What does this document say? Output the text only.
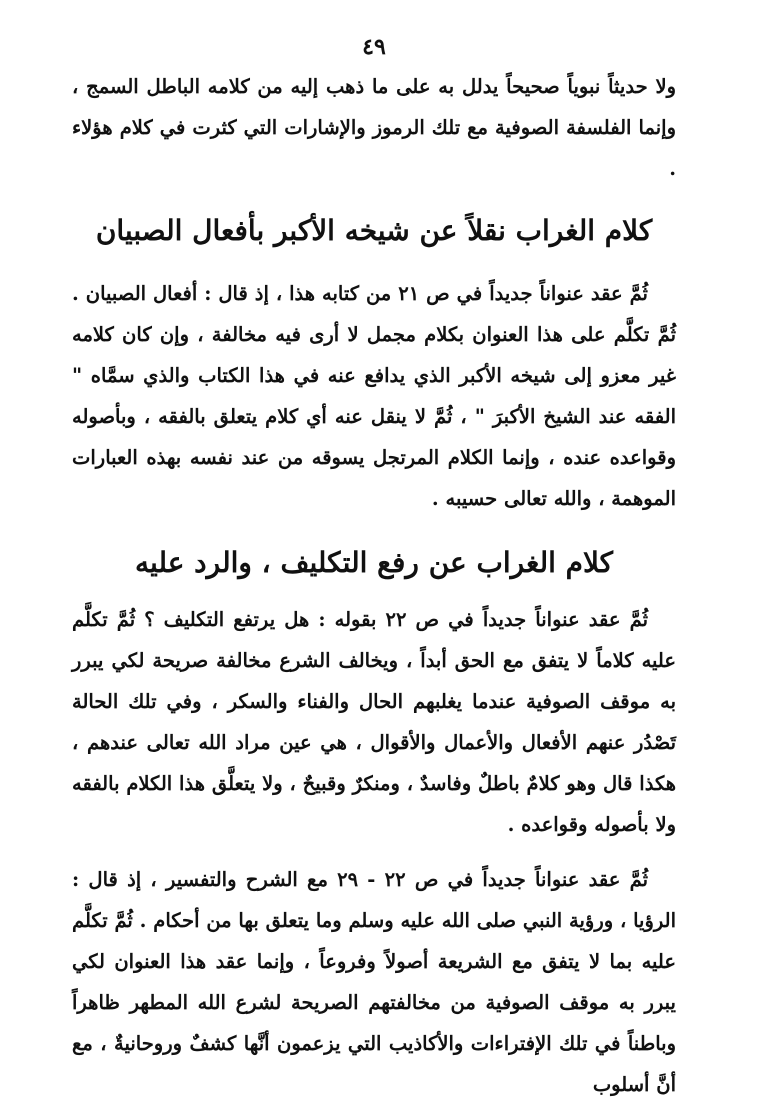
٤٩

ولا حديثاً نبوياً صحيحاً يدلل به على ما ذهب إليه من كلامه الباطل السمج ، وإنما الفلسفة الصوفية مع تلك الرموز والإشارات التي كثرت في كلام هؤلاء .

كلام الغراب نقلاً عن شيخه الأكبر بأفعال الصبيان

ثُمَّ عقد عنواناً جديداً في ص ٢١ من كتابه هذا ، إذ قال : أفعال الصبيان . ثُمَّ تكلَّم على هذا العنوان بكلام مجمل لا أرى فيه مخالفة ، وإن كان كلامه غير معزو إلى شيخه الأكبر الذي يدافع عنه في هذا الكتاب والذي سمَّاه " الفقه عند الشيخ الأكبرَ " ، ثُمَّ لا ينقل عنه أي كلام يتعلق بالفقه ، وبأصوله وقواعده عنده ، وإنما الكلام المرتجل يسوقه من عند نفسه بهذه العبارات الموهمة ، والله تعالى حسيبه .

كلام الغراب عن رفع التكليف ، والرد عليه

ثُمَّ عقد عنواناً جديداً في ص ٢٢ بقوله : هل يرتفع التكليف ؟ ثُمَّ تكلَّم عليه كلاماً لا يتفق مع الحق أبداً ، ويخالف الشرع مخالفة صريحة لكي يبرر به موقف الصوفية عندما يغلبهم الحال والفناء والسكر ، وفي تلك الحالة تَصْدُر عنهم الأفعال والأعمال والأقوال ، هي عين مراد الله تعالى عندهم ، هكذا قال وهو كلامٌ باطلٌ وفاسدٌ ، ومنكرٌ وقبيحٌ ، ولا يتعلَّق هذا الكلام بالفقه ولا بأصوله وقواعده .

ثُمَّ عقد عنواناً جديداً في ص ٢٢ - ٢٩ مع الشرح والتفسير ، إذ قال : الرؤيا ، ورؤية النبي صلى الله عليه وسلم وما يتعلق بها من أحكام . ثُمَّ تكلَّم عليه بما لا يتفق مع الشريعة أصولاً وفروعاً ، وإنما عقد هذا العنوان لكي يبرر به موقف الصوفية من مخالفتهم الصريحة لشرع الله المطهر ظاهراً وباطناً في تلك الإفتراءات والأكاذيب التي يزعمون أنَّها كشفٌ وروحانيةٌ ، مع أنَّ أسلوب
